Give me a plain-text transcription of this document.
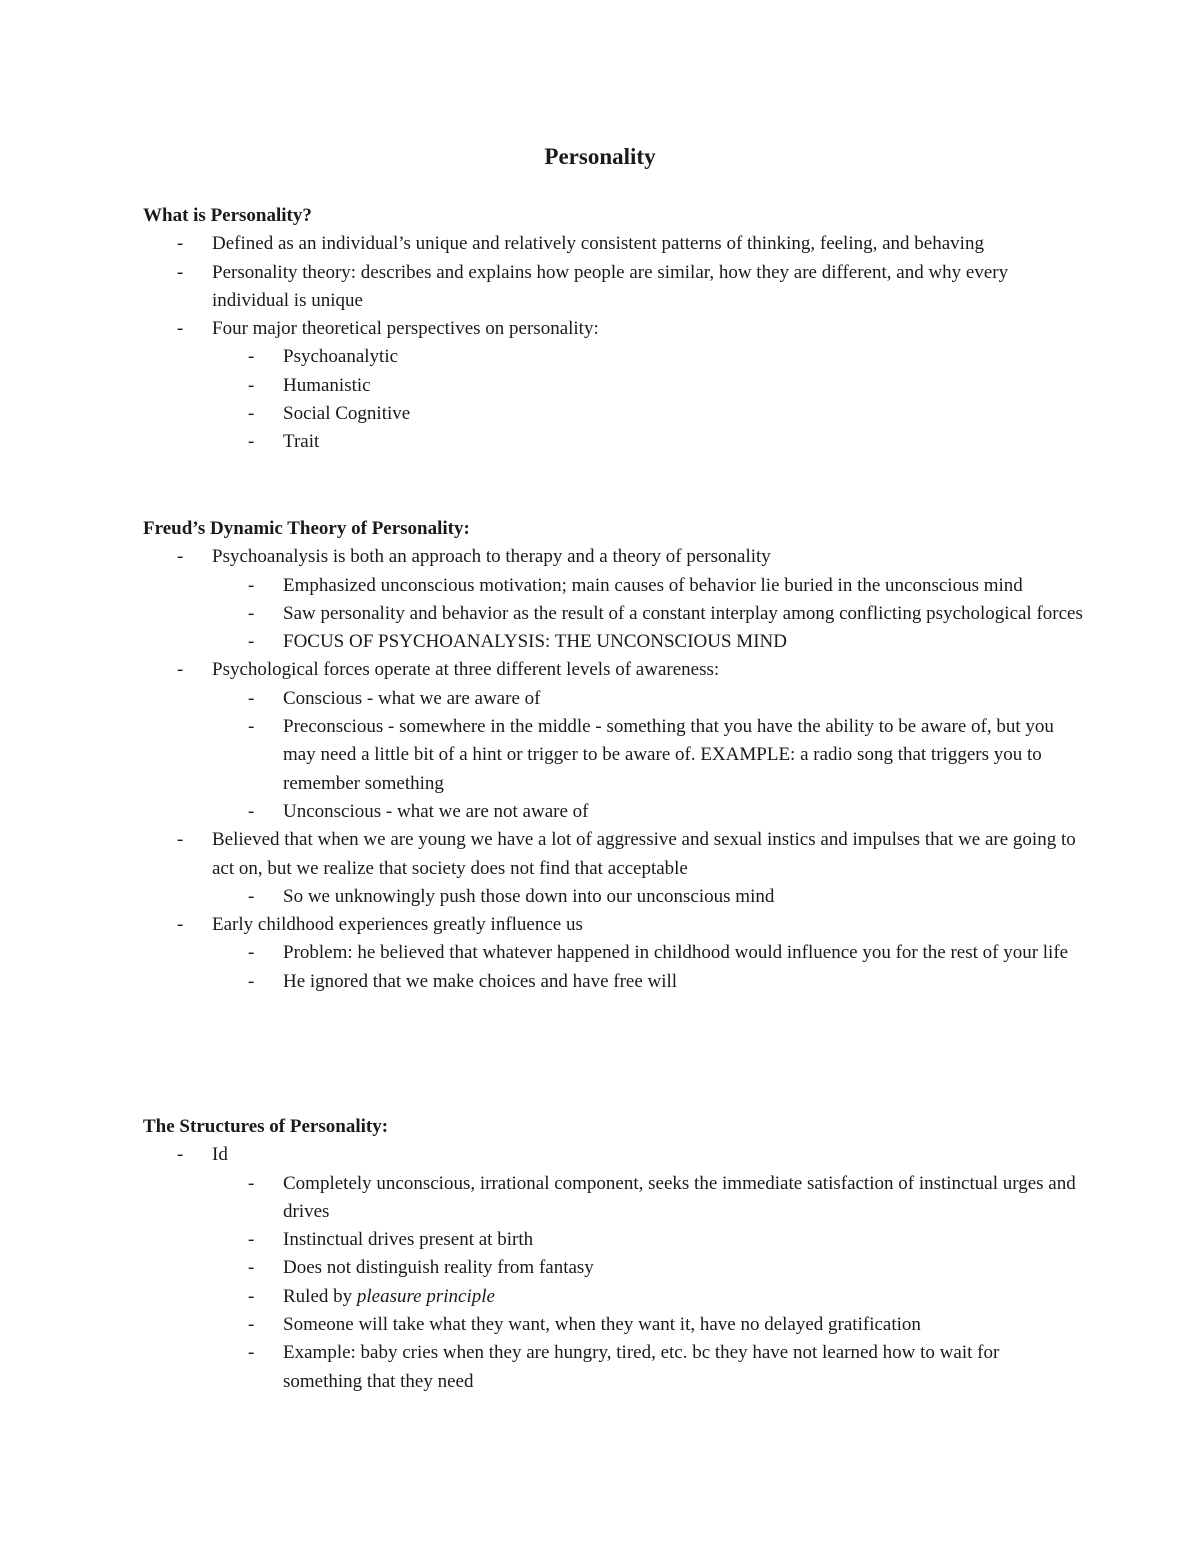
Personality

What is Personality?

- Defined as an individual’s unique and relatively consistent patterns of thinking, feeling, and behaving
- Personality theory: describes and explains how people are similar, how they are different, and why every individual is unique
- Four major theoretical perspectives on personality:
- Psychoanalytic
- Humanistic
- Social Cognitive
- Trait

Freud’s Dynamic Theory of Personality:

- Psychoanalysis is both an approach to therapy and a theory of personality
- Emphasized unconscious motivation; main causes of behavior lie buried in the unconscious mind
- Saw personality and behavior as the result of a constant interplay among conflicting psychological forces
- FOCUS OF PSYCHOANALYSIS: THE UNCONSCIOUS MIND
- Psychological forces operate at three different levels of awareness:
- Conscious - what we are aware of
- Preconscious - somewhere in the middle - something that you have the ability to be aware of, but you may need a little bit of a hint or trigger to be aware of. EXAMPLE: a radio song that triggers you to remember something
- Unconscious - what we are not aware of
- Believed that when we are young we have a lot of aggressive and sexual instics and impulses that we are going to act on, but we realize that society does not find that acceptable
- So we unknowingly push those down into our unconscious mind
- Early childhood experiences greatly influence us
- Problem: he believed that whatever happened in childhood would influence you for the rest of your life
- He ignored that we make choices and have free will

The Structures of Personality:

- Id
- Completely unconscious, irrational component, seeks the immediate satisfaction of instinctual urges and drives
- Instinctual drives present at birth
- Does not distinguish reality from fantasy
- Ruled by pleasure principle
- Someone will take what they want, when they want it, have no delayed gratification
- Example: baby cries when they are hungry, tired, etc. bc they have not learned how to wait for something that they need
